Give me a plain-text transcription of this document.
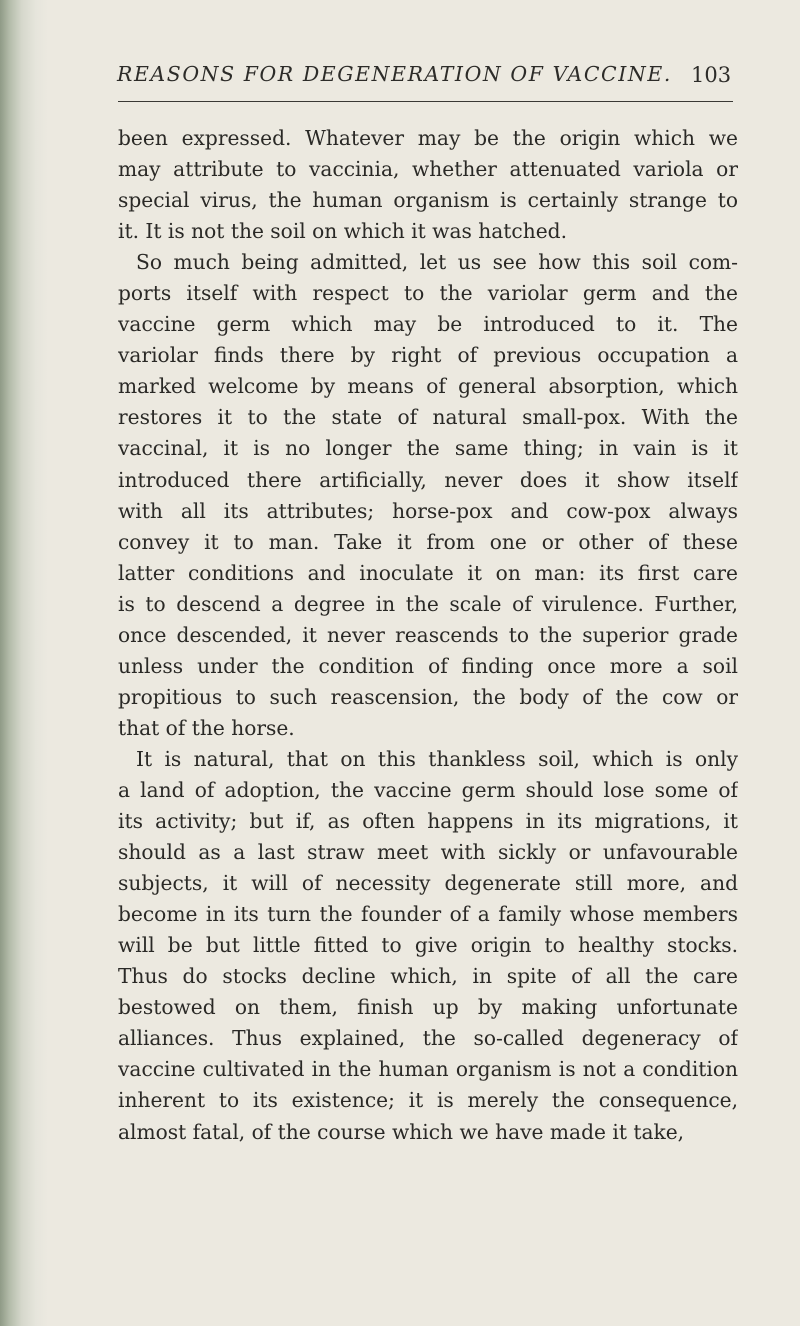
REASONS FOR DEGENERATION OF VACCINE. 103
been expressed. Whatever may be the origin which we
may attribute to vaccinia, whether attenuated variola or
special virus, the human organism is certainly strange to
it. It is not the soil on which it was hatched.
So much being admitted, let us see how this soil com-
ports itself with respect to the variolar germ and the
vaccine germ which may be introduced to it. The
variolar finds there by right of previous occupation a
marked welcome by means of general absorption, which
restores it to the state of natural small-pox. With the
vaccinal, it is no longer the same thing; in vain is it
introduced there artificially, never does it show itself
with all its attributes; horse-pox and cow-pox always
convey it to man. Take it from one or other of these
latter conditions and inoculate it on man: its first care
is to descend a degree in the scale of virulence. Further,
once descended, it never reascends to the superior grade
unless under the condition of finding once more a soil
propitious to such reascension, the body of the cow or
that of the horse.
It is natural, that on this thankless soil, which is only
a land of adoption, the vaccine germ should lose some of
its activity; but if, as often happens in its migrations, it
should as a last straw meet with sickly or unfavourable
subjects, it will of necessity degenerate still more, and
become in its turn the founder of a family whose members
will be but little fitted to give origin to healthy stocks.
Thus do stocks decline which, in spite of all the care
bestowed on them, finish up by making unfortunate
alliances. Thus explained, the so-called degeneracy of
vaccine cultivated in the human organism is not a condition
inherent to its existence; it is merely the consequence,
almost fatal, of the course which we have made it take,
